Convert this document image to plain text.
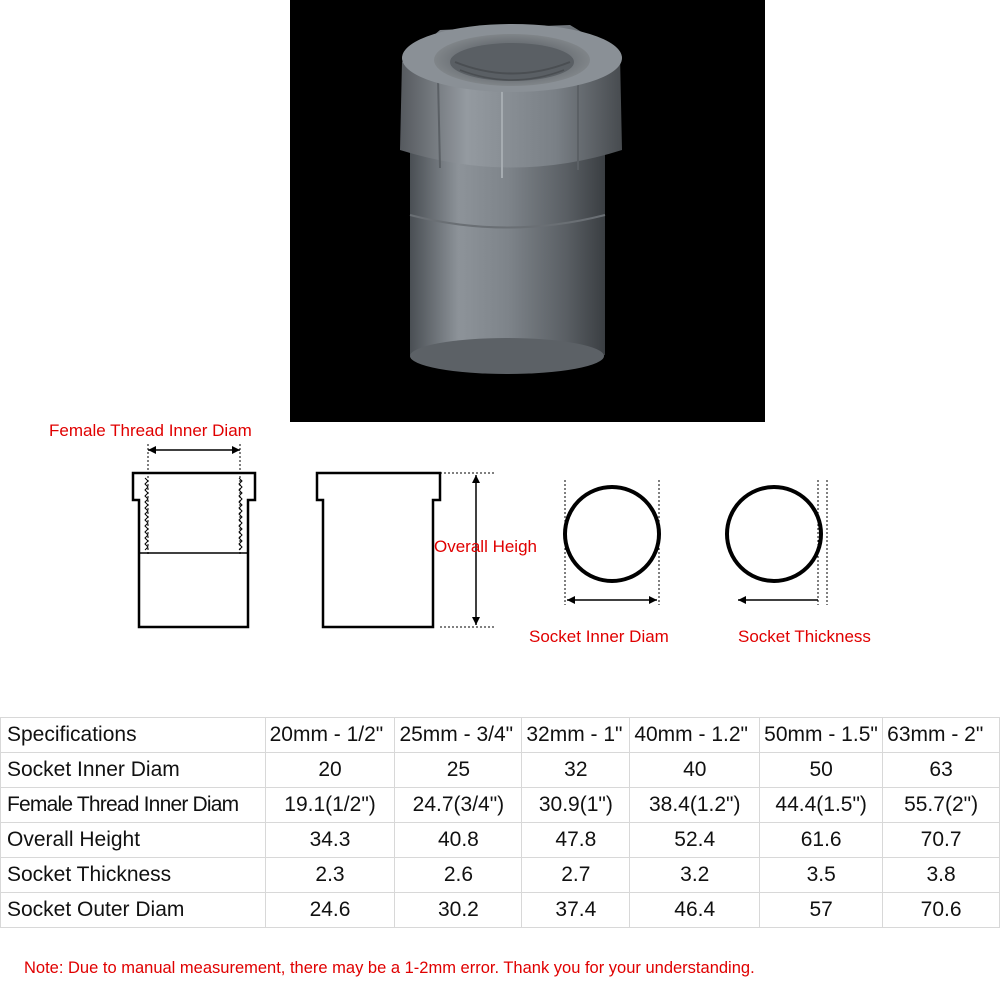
Female Thread Inner Diam
Overall Heigh
Socket Inner Diam	Socket Thickness
Specifications	20mm - 1/2"	25mm - 3/4"	32mm - 1"	40mm - 1.2"	50mm - 1.5"	63mm - 2"
Socket Inner Diam	20	25	32	40	50	63
Female Thread Inner Diam	19.1(1/2")	24.7(3/4")	30.9(1")	38.4(1.2")	44.4(1.5")	55.7(2")
Overall Height	34.3	40.8	47.8	52.4	61.6	70.7
Socket Thickness	2.3	2.6	2.7	3.2	3.5	3.8
Socket Outer Diam	24.6	30.2	37.4	46.4	57	70.6
Note: Due to manual measurement, there may be a 1-2mm error. Thank you for your understanding.
